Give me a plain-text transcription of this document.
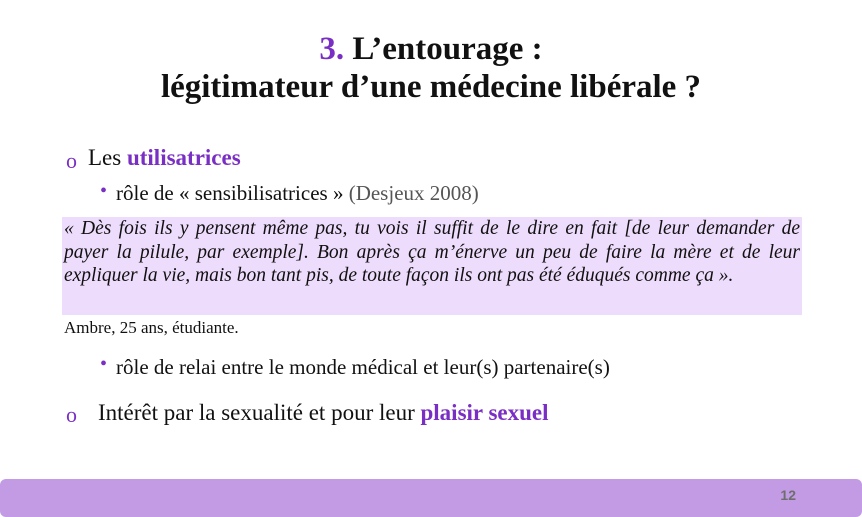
3. L’entourage :
légitimateur d’une médecine libérale ?
o Les utilisatrices
• rôle de « sensibilisatrices » (Desjeux 2008)
« Dès fois ils y pensent même pas, tu vois il suffit de le dire en fait [de leur demander de payer la pilule, par exemple]. Bon après ça m’énerve un peu de faire la mère et de leur expliquer la vie, mais bon tant pis, de toute façon ils ont pas été éduqués comme ça ».
Ambre, 25 ans, étudiante.
• rôle de relai entre le monde médical et leur(s) partenaire(s)
o Intérêt par la sexualité et pour leur plaisir sexuel
12
